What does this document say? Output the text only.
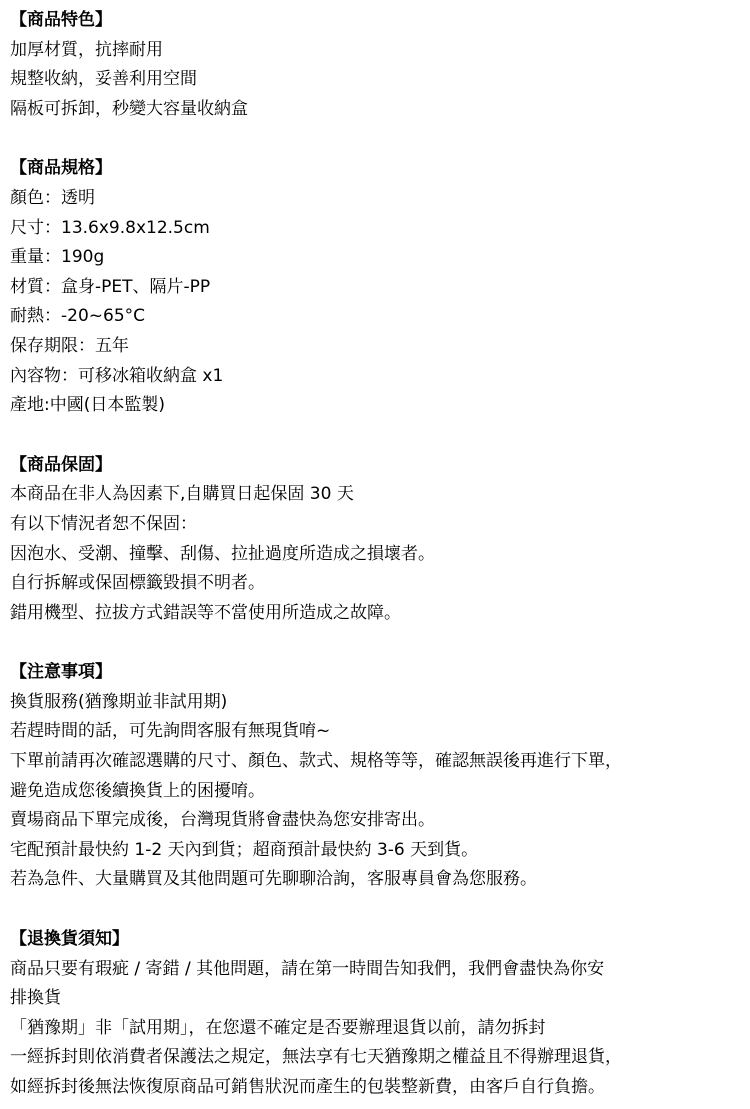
【商品特色】

加厚材質，抗摔耐用

規整收納，妥善利用空間

隔板可拆卸，秒變大容量收納盒

【商品規格】

顏色：透明

尺寸：13.6x9.8x12.5cm

重量：190g

材質：盒身-PET、隔片-PP

耐熱：-20~65°C

保存期限：五年

內容物：可移冰箱收納盒 x1

產地:中國(日本監製)

【商品保固】

本商品在非人為因素下,自購買日起保固 30 天

有以下情況者恕不保固：

因泡水、受潮、撞擊、刮傷、拉扯過度所造成之損壞者。

自行拆解或保固標籤毀損不明者。

錯用機型、拉拔方式錯誤等不當使用所造成之故障。

【注意事項】

換貨服務(猶豫期並非試用期)

若趕時間的話，可先詢問客服有無現貨唷~

下單前請再次確認選購的尺寸、顏色、款式、規格等等，確認無誤後再進行下單，

避免造成您後續換貨上的困擾唷。

賣場商品下單完成後，台灣現貨將會盡快為您安排寄出。

宅配預計最快約 1-2 天內到貨；超商預計最快約 3-6 天到貨。

若為急件、大量購買及其他問題可先聊聊洽詢，客服專員會為您服務。

【退換貨須知】

商品只要有瑕疵 / 寄錯 / 其他問題，請在第一時間告知我們，我們會盡快為你安

排換貨

「猶豫期」非「試用期」，在您還不確定是否要辦理退貨以前，請勿拆封

一經拆封則依消費者保護法之規定，無法享有七天猶豫期之權益且不得辦理退貨，

如經拆封後無法恢復原商品可銷售狀況而產生的包裝整新費，由客戶自行負擔。
